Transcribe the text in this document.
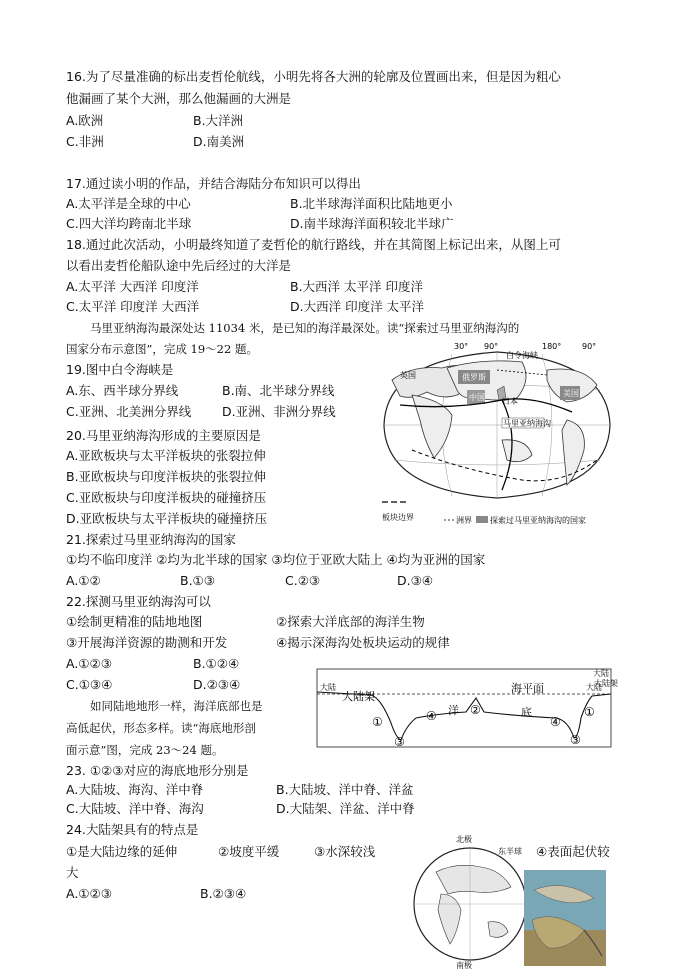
16.为了尽量准确的标出麦哲伦航线，小明先将各大洲的轮廓及位置画出来，但是因为粗心
他漏画了某个大洲，那么他漏画的大洲是
A.欧洲	B.大洋洲
C.非洲	D.南美洲
17.通过读小明的作品，并结合海陆分布知识可以得出
A.太平洋是全球的中心	B.北半球海洋面积比陆地更小
C.四大洋均跨南北半球	D.南半球海洋面积较北半球广
18.通过此次活动，小明最终知道了麦哲伦的航行路线，并在其简图上标记出来，从图上可
以看出麦哲伦船队途中先后经过的大洋是
A.太平洋 大西洋 印度洋	B.大西洋 太平洋 印度洋
C.太平洋 印度洋 大西洋	D.大西洋 印度洋 太平洋
马里亚纳海沟最深处达 11034 米，是已知的海洋最深处。读“探索过马里亚纳海沟的
国家分布示意图”，完成 19～22 题。
19.图中白令海峡是
A.东、西半球分界线	B.南、北半球分界线
C.亚洲、北美洲分界线 D.亚洲、非洲分界线
20.马里亚纳海沟形成的主要原因是
A.亚欧板块与太平洋板块的张裂拉伸
B.亚欧板块与印度洋板块的张裂拉伸
C.亚欧板块与印度洋板块的碰撞挤压
D.亚欧板块与太平洋板块的碰撞挤压
30° 90°	180°	90°
白令海峡
英国	俄罗斯
中国 日本
美国
马里亚纳海沟
板块边界	洲界 探索过马里亚纳海沟的国家
21.探索过马里亚纳海沟的国家
①均不临印度洋 ②均为北半球的国家 ③均位于亚欧大陆上 ④均为亚洲的国家
A.①②	B.①③	C.②③	D.③④
22.探测马里亚纳海沟可以
①绘制更精准的陆地地图	②探索大洋底部的海洋生物
③开展海洋资源的勘测和开发	④揭示深海沟处板块运动的规律
A.①②③	B.①②④
C.①③④	D.②③④
如同陆地地形一样，海洋底部也是
高低起伏，形态多样。读“海底地形剖
面示意”图，完成 23～24 题。
大陆
大陆架
海平面
大陆
大陆架
大陆
洋	底
①
①
②
③	③
④	④
23. ①②③对应的海底地形分别是
A.大陆坡、海沟、洋中脊	B.大陆坡、洋中脊、洋盆
C.大陆坡、洋中脊、海沟	D.大陆架、洋盆、洋中脊
24.大陆架具有的特点是
①是大陆边缘的延伸	②坡度平缓	③水深较浅	④表面起伏较
大
A.①②③	B.②③④
北极
南极
东半球
